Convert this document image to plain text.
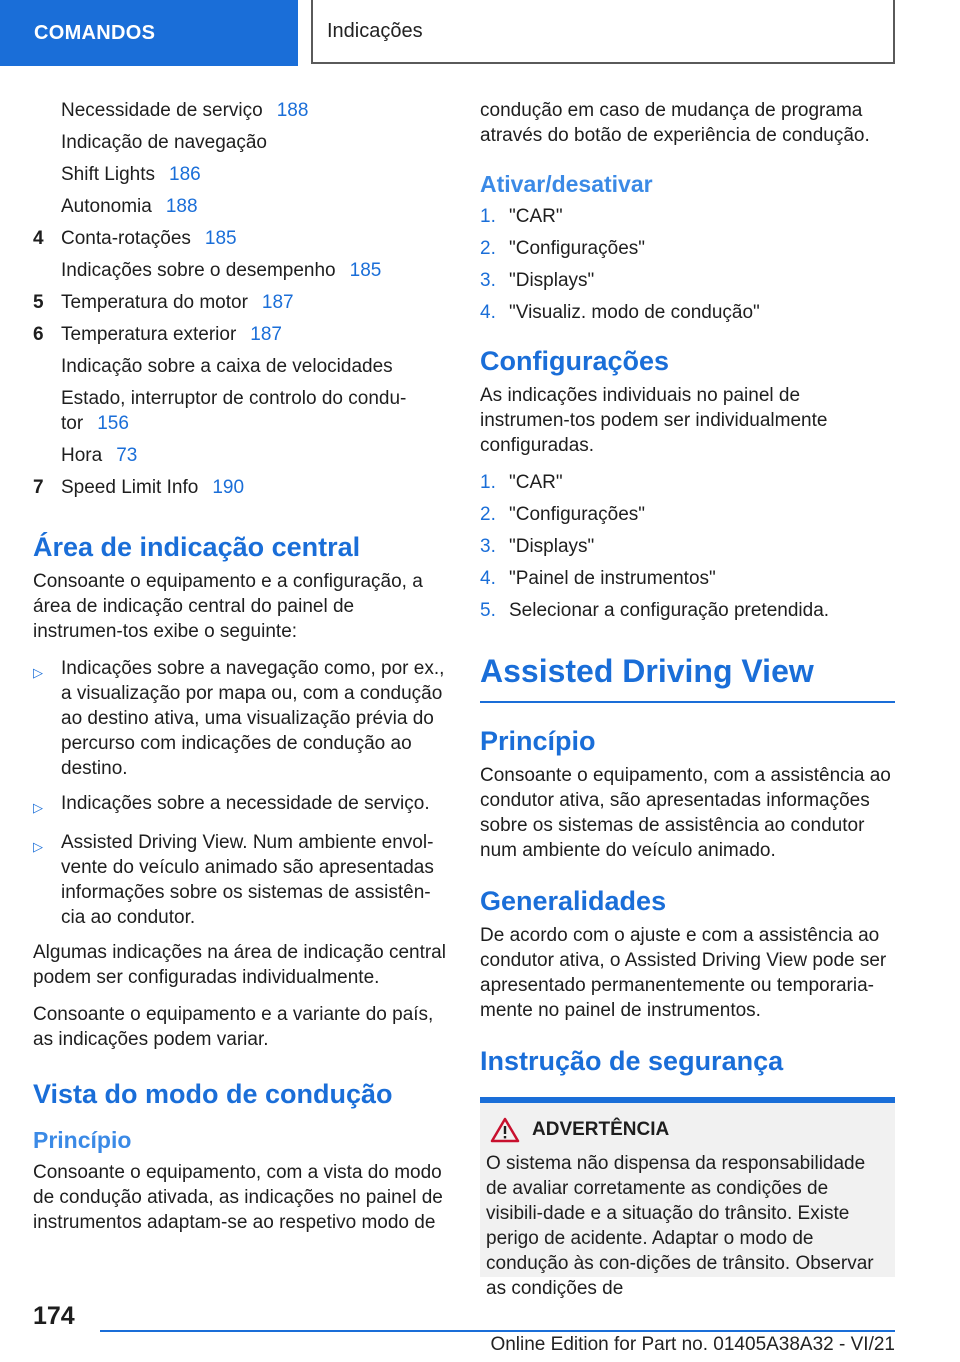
COMANDOS	Indicações
Necessidade de serviço 188
Indicação de navegação
Shift Lights 186
Autonomia 188
4 Conta-rotações 185
Indicações sobre o desempenho 185
5 Temperatura do motor 187
6 Temperatura exterior 187
Indicação sobre a caixa de velocidades
Estado, interruptor de controlo do condu-tor 156
Hora 73
7 Speed Limit Info 190
Área de indicação central

Consoante o equipamento e a configuração, a área de indicação central do painel de instrumen-tos exibe o seguinte:

▷ Indicações sobre a navegação como, por ex., a visualização por mapa ou, com a condução ao destino ativa, uma visualização prévia do percurso com indicações de condução ao destino.
▷ Indicações sobre a necessidade de serviço.
▷ Assisted Driving View. Num ambiente envol-vente do veículo animado são apresentadas informações sobre os sistemas de assistên-cia ao condutor.

Algumas indicações na área de indicação central podem ser configuradas individualmente.

Consoante o equipamento e a variante do país, as indicações podem variar.

Vista do modo de condução
Princípio

Consoante o equipamento, com a vista do modo de condução ativada, as indicações no painel de instrumentos adaptam-se ao respetivo modo de

condução em caso de mudança de programa através do botão de experiência de condução.

Ativar/desativar
1. "CAR"
2. "Configurações"
3. "Displays"
4. "Visualiz. modo de condução"
Configurações

As indicações individuais no painel de instrumen-tos podem ser individualmente configuradas.

1. "CAR"
2. "Configurações"
3. "Displays"
4. "Painel de instrumentos"
5. Selecionar a configuração pretendida.
Assisted Driving View
Princípio

Consoante o equipamento, com a assistência ao condutor ativa, são apresentadas informações sobre os sistemas de assistência ao condutor num ambiente do veículo animado.

Generalidades

De acordo com o ajuste e com a assistência ao condutor ativa, o Assisted Driving View pode ser apresentado permanentemente ou temporaria-mente no painel de instrumentos.

Instrução de segurança
ADVERTÊNCIA

O sistema não dispensa da responsabilidade de avaliar corretamente as condições de visibili-dade e a situação do trânsito. Existe perigo de acidente. Adaptar o modo de condução às con-dições de trânsito. Observar as condições de

174
Online Edition for Part no. 01405A38A32 - VI/21
